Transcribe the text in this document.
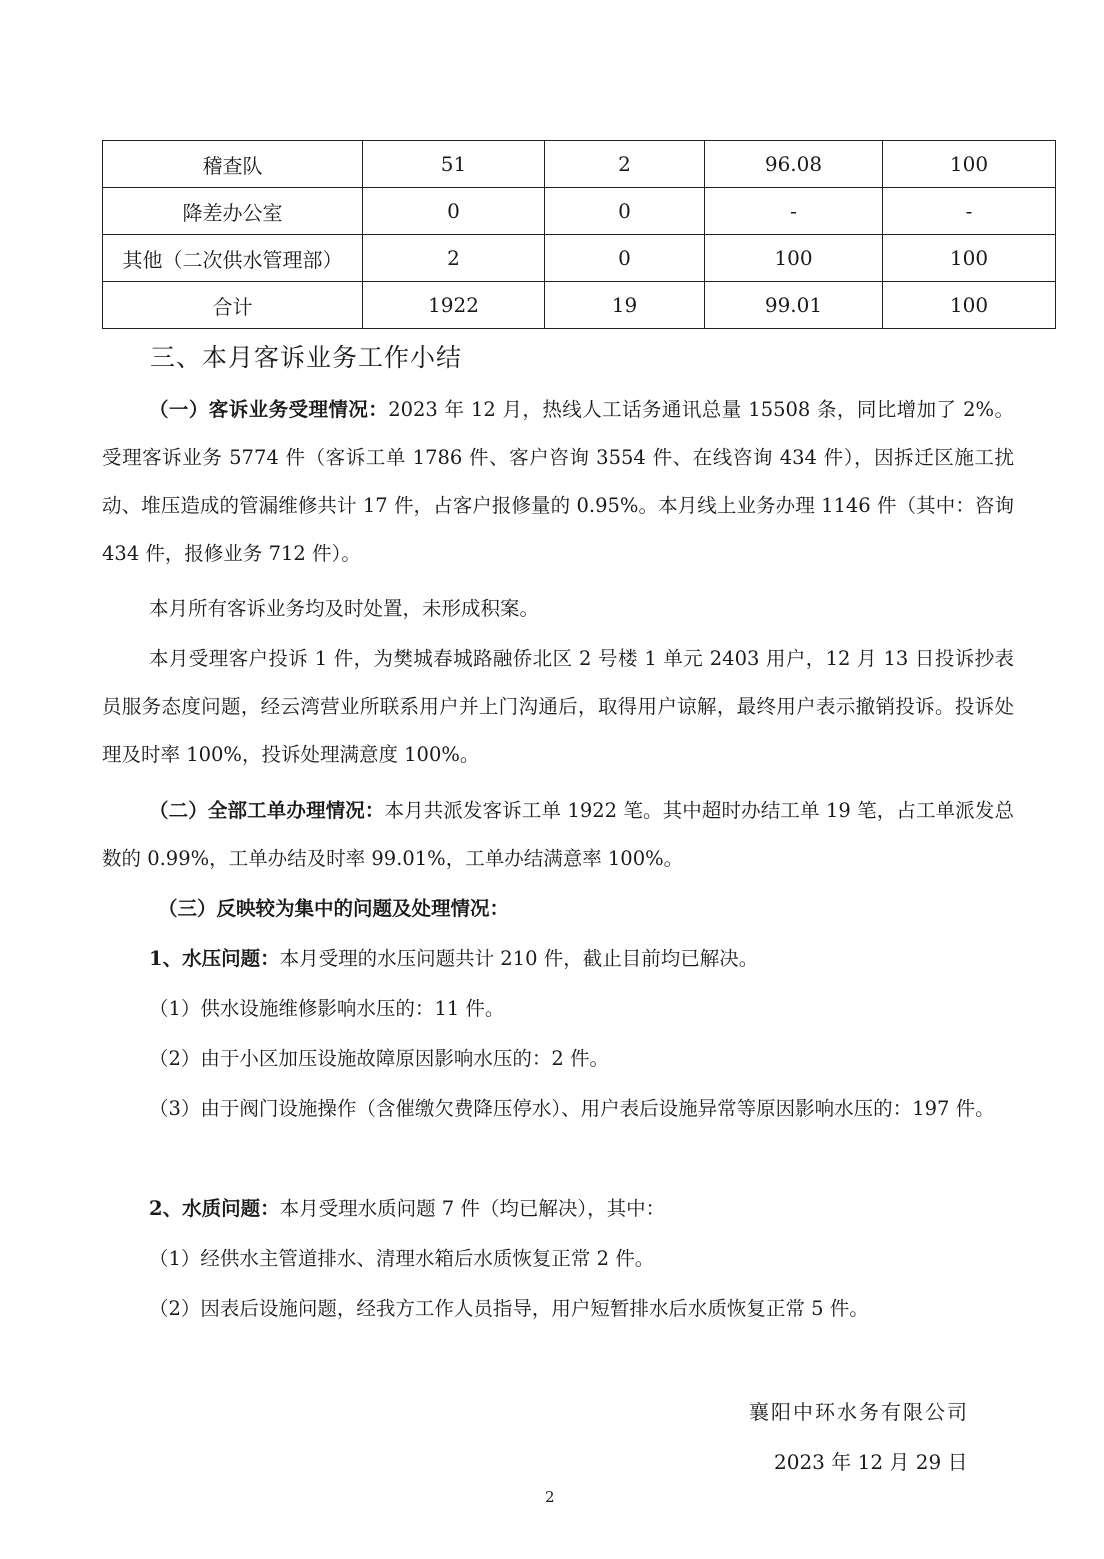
稽查队	51	2	96.08	100
降差办公室	0	0	-	-
其他（二次供水管理部）	2	0	100	100
合计	1922	19	99.01	100
三、本月客诉业务工作小结

（一）客诉业务受理情况：2023 年 12 月，热线人工话务通讯总量 15508 条，同比增加了 2%。受理客诉业务 5774 件（客诉工单 1786 件、客户咨询 3554 件、在线咨询 434 件），因拆迁区施工扰动、堆压造成的管漏维修共计 17 件，占客户报修量的 0.95%。本月线上业务办理 1146 件（其中：咨询 434 件，报修业务 712 件）。

本月所有客诉业务均及时处置，未形成积案。

本月受理客户投诉 1 件，为樊城春城路融侨北区 2 号楼 1 单元 2403 用户，12 月 13 日投诉抄表员服务态度问题，经云湾营业所联系用户并上门沟通后，取得用户谅解，最终用户表示撤销投诉。投诉处理及时率 100%，投诉处理满意度 100%。

（二）全部工单办理情况：本月共派发客诉工单 1922 笔。其中超时办结工单 19 笔，占工单派发总数的 0.99%，工单办结及时率 99.01%，工单办结满意率 100%。

（三）反映较为集中的问题及处理情况：

1、水压问题：本月受理的水压问题共计 210 件，截止目前均已解决。

（1）供水设施维修影响水压的：11 件。

（2）由于小区加压设施故障原因影响水压的：2 件。

（3）由于阀门设施操作（含催缴欠费降压停水）、用户表后设施异常等原因影响水压的：197 件。

2、水质问题：本月受理水质问题 7 件（均已解决），其中：

（1）经供水主管道排水、清理水箱后水质恢复正常 2 件。

（2）因表后设施问题，经我方工作人员指导，用户短暂排水后水质恢复正常 5 件。

襄阳中环水务有限公司
2023 年 12 月 29 日
2
